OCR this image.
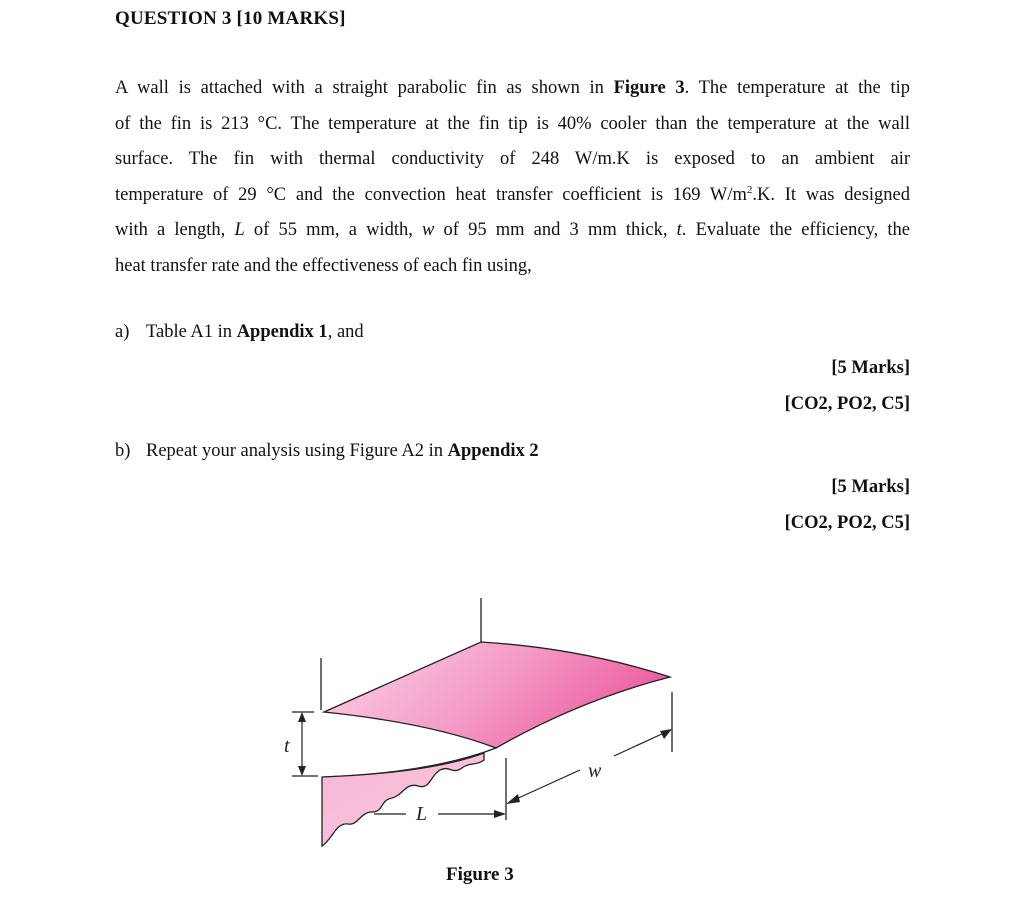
QUESTION 3 [10 MARKS]

A wall is attached with a straight parabolic fin as shown in Figure 3. The temperature at the tip

of the fin is 213 °C. The temperature at the fin tip is 40% cooler than the temperature at the wall

surface. The fin with thermal conductivity of 248 W/m.K is exposed to an ambient air

temperature of 29 °C and the convection heat transfer coefficient is 169 $W/m^2.K$. It was designed

with a length, L of 55 mm, a width, w of 95 mm and 3 mm thick, t. Evaluate the efficiency, the

heat transfer rate and the effectiveness of each fin using,

a) Table A1 in Appendix 1, and
[5 Marks]
[CO2, PO2, C5]
b) Repeat your analysis using Figure A2 in Appendix 2
[5 Marks]
[CO2, PO2, C5]
t
L
w
Figure 3
